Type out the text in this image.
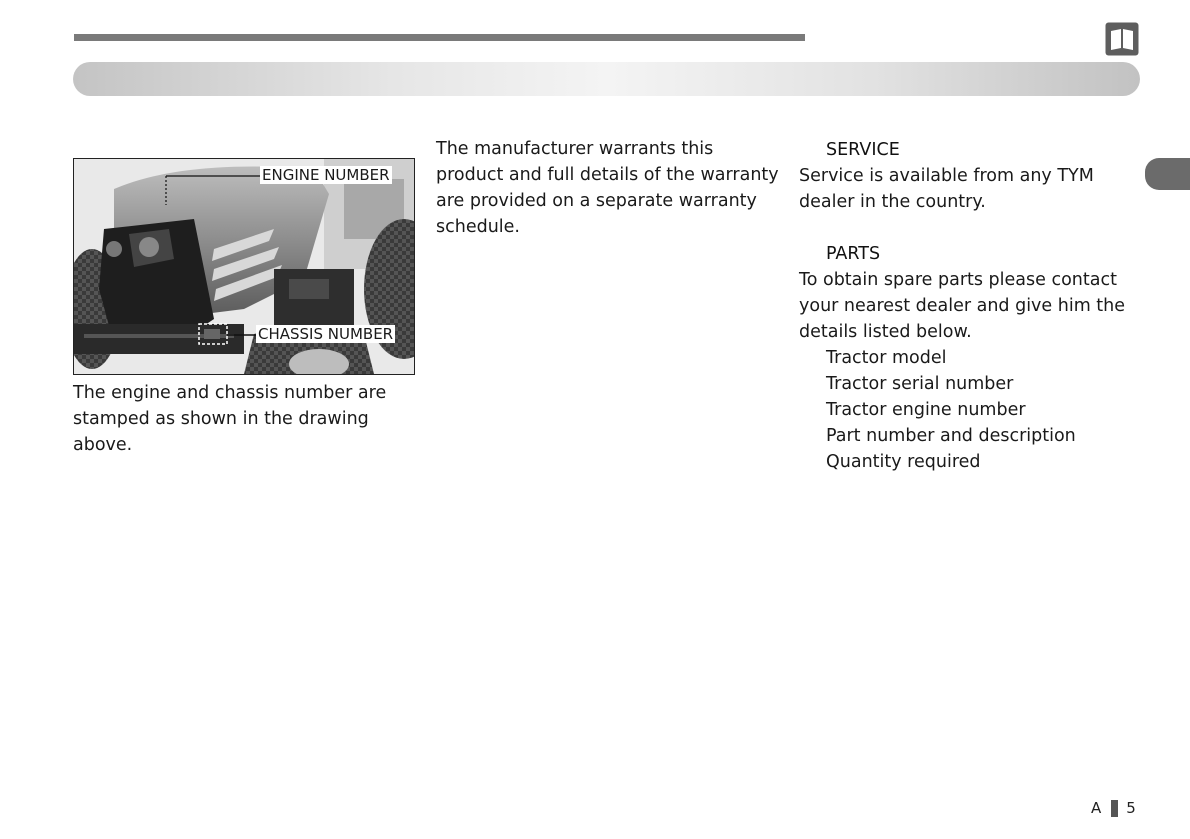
ENGINE NUMBER
CHASSIS NUMBER

The engine and chassis number are stamped as shown in the drawing above.

The manufacturer warrants this product and full details of the warranty are provided on a separate warranty schedule.

SERVICE

Service is available from any TYM dealer in the country.

PARTS

To obtain spare parts please contact your nearest dealer and give him the details listed below.

Tractor model
Tractor serial number
Tractor engine number
Part number and description
Quantity required
A 5
